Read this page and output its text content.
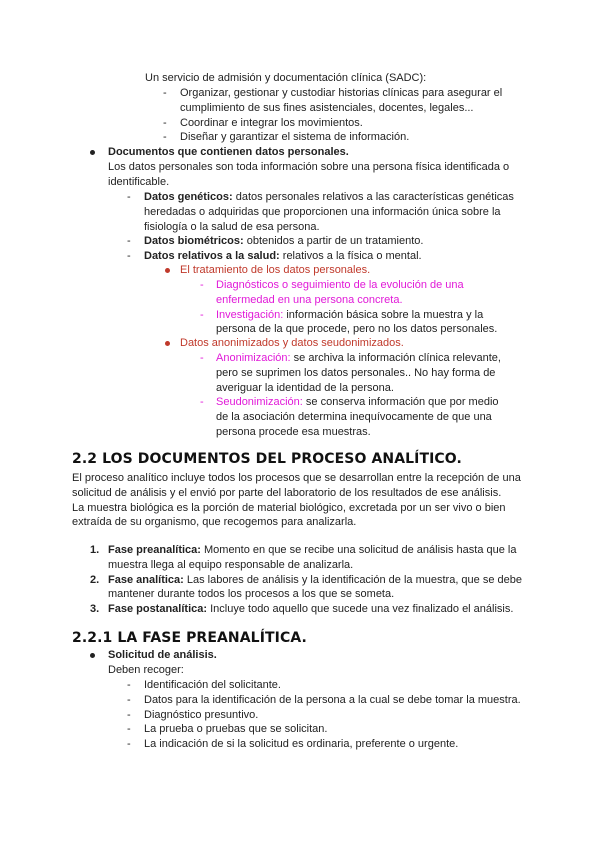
Un servicio de admisión y documentación clínica (SADC):
- Organizar, gestionar y custodiar historias clínicas para asegurar el cumplimiento de sus fines asistenciales, docentes, legales...
- Coordinar e integrar los movimientos.
- Diseñar y garantizar el sistema de información.
Documentos que contienen datos personales.
Los datos personales son toda información sobre una persona física identificada o identificable.
- Datos genéticos: datos personales relativos a las características genéticas heredadas o adquiridas que proporcionen una información única sobre la fisiología o la salud de esa persona.
- Datos biométricos: obtenidos a partir de un tratamiento.
- Datos relativos a la salud: relativos a la física o mental.
El tratamiento de los datos personales.
- Diagnósticos o seguimiento de la evolución de una enfermedad en una persona concreta.
- Investigación: información básica sobre la muestra y la persona de la que procede, pero no los datos personales.
Datos anonimizados y datos seudonimizados.
- Anonimización: se archiva la información clínica relevante, pero se suprimen los datos personales.. No hay forma de averiguar la identidad de la persona.
- Seudonimización: se conserva información que por medio de la asociación determina inequívocamente de que una persona procede esa muestras.
2.2 LOS DOCUMENTOS DEL PROCESO ANALÍTICO.
El proceso analítico incluye todos los procesos que se desarrollan entre la recepción de una solicitud de análisis y el envió por parte del laboratorio de los resultados de ese análisis.
La muestra biológica es la porción de material biológico, excretada por un ser vivo o bien extraída de su organismo, que recogemos para analizarla.
1. Fase preanalítica: Momento en que se recibe una solicitud de análisis hasta que la muestra llega al equipo responsable de analizarla.
2. Fase analítica: Las labores de análisis y la identificación de la muestra, que se debe mantener durante todos los procesos a los que se someta.
3. Fase postanalítica: Incluye todo aquello que sucede una vez finalizado el análisis.
2.2.1 LA FASE PREANALÍTICA.
Solicitud de análisis.
Deben recoger:
- Identificación del solicitante.
- Datos para la identificación de la persona a la cual se debe tomar la muestra.
- Diagnóstico presuntivo.
- La prueba o pruebas que se solicitan.
- La indicación de si la solicitud es ordinaria, preferente o urgente.
